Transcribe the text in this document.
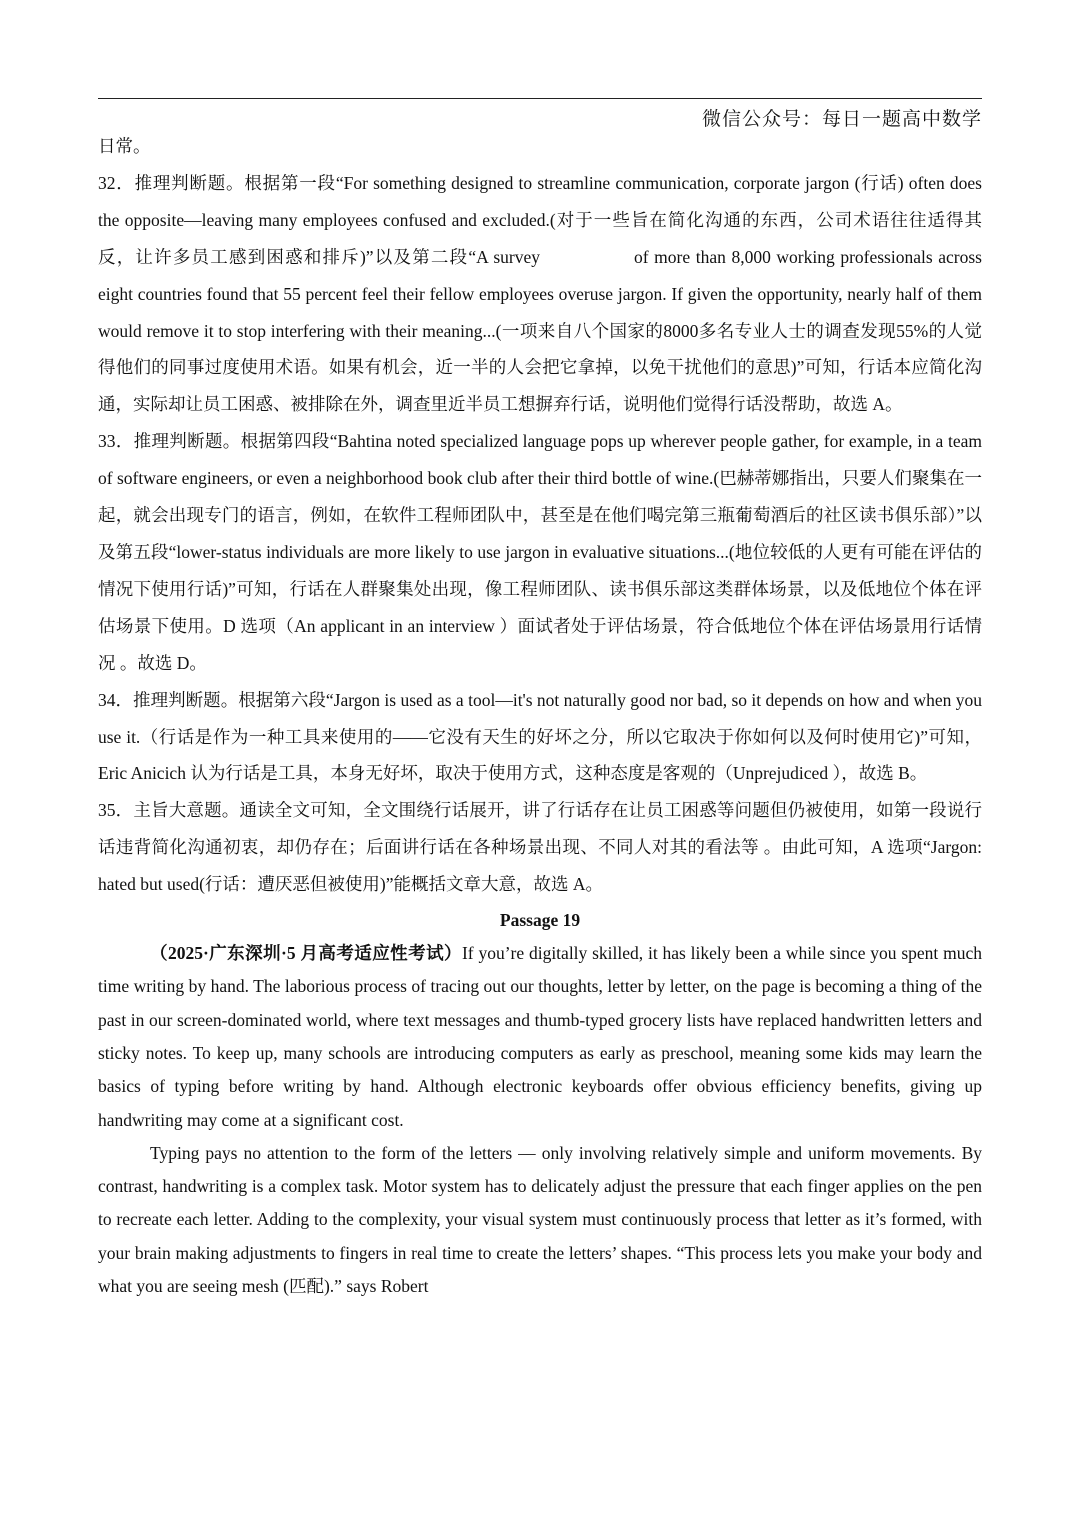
微信公众号：每日一题高中数学

日常。

32．推理判断题。根据第一段“For something designed to streamline communication, corporate jargon (行话) often does the opposite—leaving many employees confused and excluded.(对于一些旨在简化沟通的东西，公司术语往往适得其反，让许多员工感到困惑和排斥)”以及第二段“A survey	of more than 8,000 working professionals across eight countries found that 55 percent feel their fellow employees overuse jargon. If given the opportunity, nearly half of them would remove it to stop interfering with their meaning...(一项来自八个国家的8000多名专业人士的调查发现55%的人觉得他们的同事过度使用术语。如果有机会，近一半的人会把它拿掉，以免干扰他们的意思)”可知，行话本应简化沟通，实际却让员工困惑、被排除在外，调查里近半员工想摒弃行话，说明他们觉得行话没帮助，故选 A。

33．推理判断题。根据第四段“Bahtina noted specialized language pops up wherever people gather, for example, in a team of software engineers, or even a neighborhood book club after their third bottle of wine.(巴赫蒂娜指出，只要人们聚集在一起，就会出现专门的语言，例如，在软件工程师团队中，甚至是在他们喝完第三瓶葡萄酒后的社区读书俱乐部）”以及第五段“lower-status individuals are more likely to use jargon in evaluative situations...(地位较低的人更有可能在评估的情况下使用行话)”可知，行话在人群聚集处出现，像工程师团队、读书俱乐部这类群体场景，以及低地位个体在评估场景下使用。D 选项（An applicant in an interview ）面试者处于评估场景，符合低地位个体在评估场景用行话情况 。故选 D。

34．推理判断题。根据第六段“Jargon is used as a tool—it's not naturally good nor bad, so it depends on how and when you use it.（行话是作为一种工具来使用的——它没有天生的好坏之分，所以它取决于你如何以及何时使用它)”可知，Eric Anicich 认为行话是工具，本身无好坏，取决于使用方式，这种态度是客观的（Unprejudiced ），故选 B。

35．主旨大意题。通读全文可知，全文围绕行话展开，讲了行话存在让员工困惑等问题但仍被使用，如第一段说行话违背简化沟通初衷，却仍存在；后面讲行话在各种场景出现、不同人对其的看法等 。由此可知，A 选项“Jargon: hated but used(行话：遭厌恶但被使用)”能概括文章大意，故选 A。

Passage 19

（2025·广东深圳·5 月高考适应性考试）If you’re digitally skilled, it has likely been a while since you spent much time writing by hand. The laborious process of tracing out our thoughts, letter by letter, on the page is becoming a thing of the past in our screen-dominated world, where text messages and thumb-typed grocery lists have replaced handwritten letters and sticky notes. To keep up, many schools are introducing computers as early as preschool, meaning some kids may learn the basics of typing before writing by hand. Although electronic keyboards offer obvious efficiency benefits, giving up handwriting may come at a significant cost.

Typing pays no attention to the form of the letters — only involving relatively simple and uniform movements. By contrast, handwriting is a complex task. Motor system has to delicately adjust the pressure that each finger applies on the pen to recreate each letter. Adding to the complexity, your visual system must continuously process that letter as it’s formed, with your brain making adjustments to fingers in real time to create the letters’ shapes. “This process lets you make your body and what you are seeing mesh (匹配).” says Robert
